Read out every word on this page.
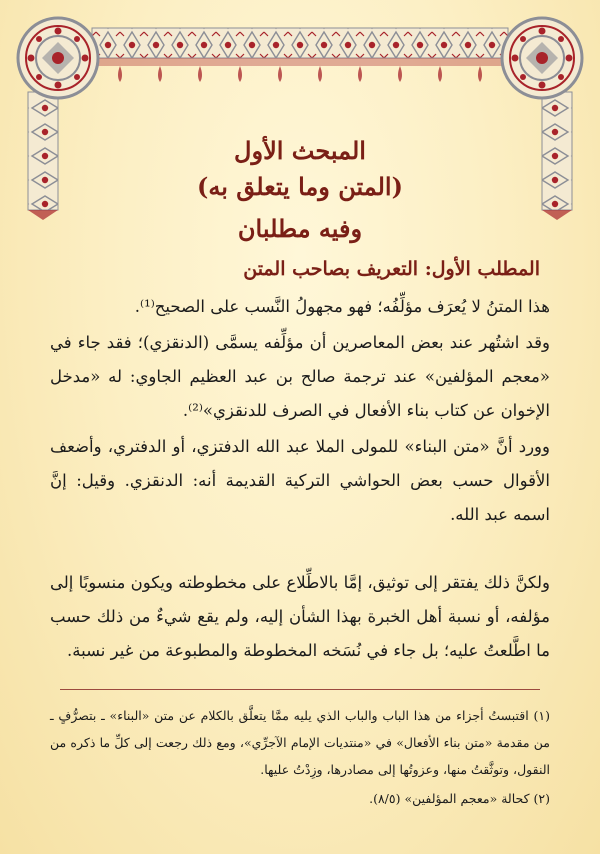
المبحث الأول
(المتن وما يتعلق به)
وفيه مطلبان
المطلب الأول: التعريف بصاحب المتن
هذا المتنُ لا يُعرَف مؤلِّفُه؛ فهو مجهولُ النَّسب على الصحيح⁽¹⁾.
وقد اشتُهر عند بعض المعاصرين أن مؤلِّفه يسمَّى (الدنقزي)؛ فقد جاء في «معجم المؤلفين» عند ترجمة صالح بن عبد العظيم الجاوي: له «مدخل الإخوان عن كتاب بناء الأفعال في الصرف للدنقزي»⁽²⁾.
وورد أنَّ «متن البناء» للمولى الملا عبد الله الدفتزي، أو الدفتري، وأضعف الأقوال حسب بعض الحواشي التركية القديمة أنه: الدنقزي. وقيل: إنَّ اسمه عبد الله.
ولكنَّ ذلك يفتقر إلى توثيق، إمَّا بالاطِّلاع على مخطوطته ويكون منسوبًا إلى مؤلفه، أو نسبة أهل الخبرة بهذا الشأن إليه، ولم يقع شيءٌ من ذلك حسب ما اطَّلعتُ عليه؛ بل جاء في نُسَخه المخطوطة والمطبوعة من غير نسبة.

(١) اقتبستُ أجزاء من هذا الباب والباب الذي يليه ممَّا يتعلَّق بالكلام عن متن «البناء» ـ بتصرُّفٍ ـ من مقدمة «متن بناء الأفعال» في «منتديات الإمام الآجرِّي»، ومع ذلك رجعت إلى كلِّ ما ذكره من النقول، وتوثَّقتُ منها، وعزوتُها إلى مصادرها، وزِدْتُ عليها.

(٢) كحالة «معجم المؤلفين» (٨/٥).
